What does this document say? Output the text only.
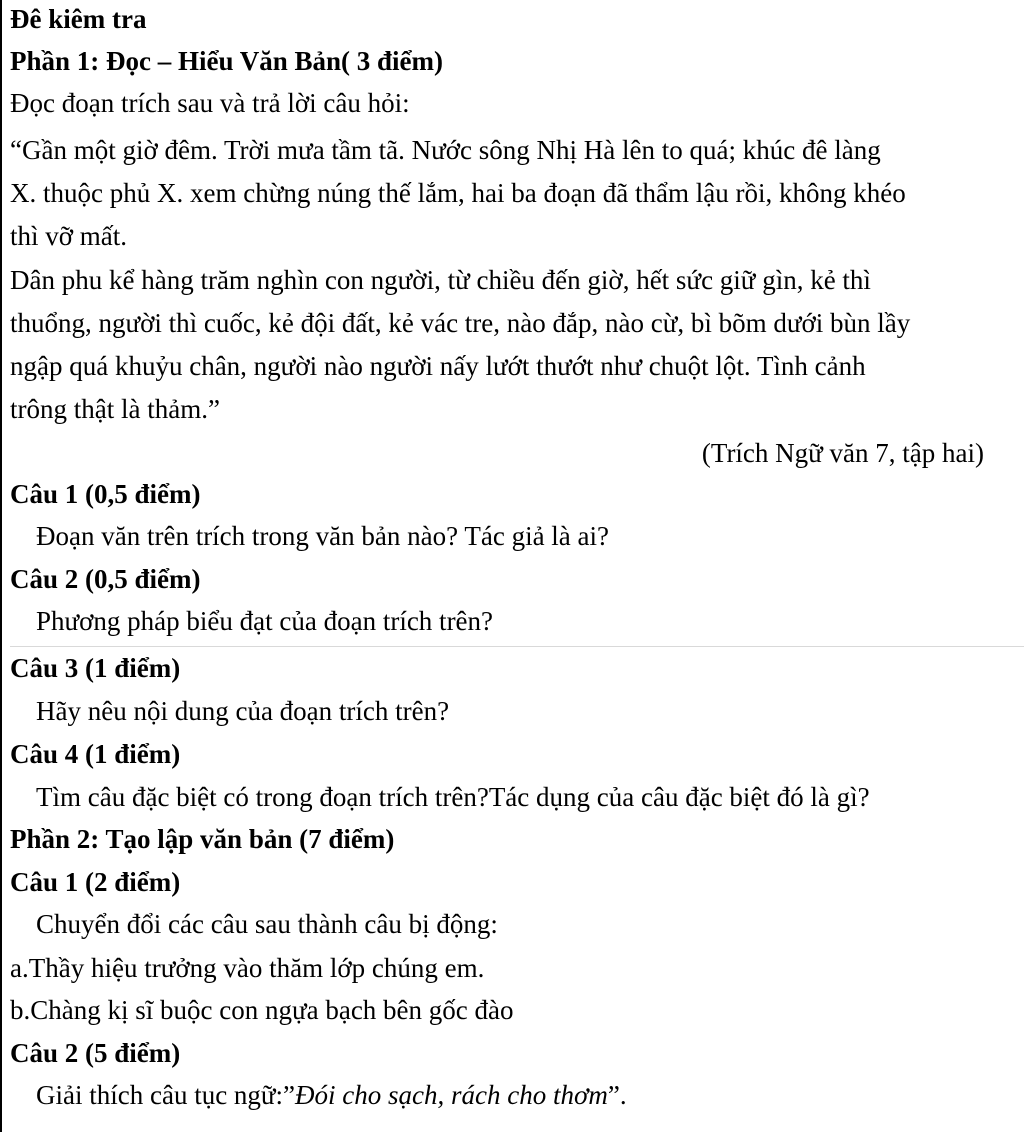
Đê kiêm tra
Phần 1: Đọc – Hiểu Văn Bản( 3 điểm)
Đọc đoạn trích sau và trả lời câu hỏi:
“Gần một giờ đêm. Trời mưa tầm tã. Nước sông Nhị Hà lên to quá; khúc đê làng
X. thuộc phủ X. xem chừng núng thế lắm, hai ba đoạn đã thẩm lậu rồi, không khéo
thì vỡ mất.
Dân phu kể hàng trăm nghìn con người, từ chiều đến giờ, hết sức giữ gìn, kẻ thì
thuổng, người thì cuốc, kẻ đội đất, kẻ vác tre, nào đắp, nào cừ, bì bõm dưới bùn lầy
ngập quá khuỷu chân, người nào người nấy lướt thướt như chuột lột. Tình cảnh
trông thật là thảm.”
(Trích Ngữ văn 7, tập hai)
Câu 1 (0,5 điểm)
Đoạn văn trên trích trong văn bản nào? Tác giả là ai?
Câu 2 (0,5 điểm)
Phương pháp biểu đạt của đoạn trích trên?
Câu 3 (1 điểm)
Hãy nêu nội dung của đoạn trích trên?
Câu 4 (1 điểm)
Tìm câu đặc biệt có trong đoạn trích trên?Tác dụng của câu đặc biệt đó là gì?
Phần 2: Tạo lập văn bản (7 điểm)
Câu 1 (2 điểm)
Chuyển đổi các câu sau thành câu bị động:
a.Thầy hiệu trưởng vào thăm lớp chúng em.
b.Chàng kị sĩ buộc con ngựa bạch bên gốc đào
Câu 2 (5 điểm)
Giải thích câu tục ngữ:”Đói cho sạch, rách cho thơm”.
